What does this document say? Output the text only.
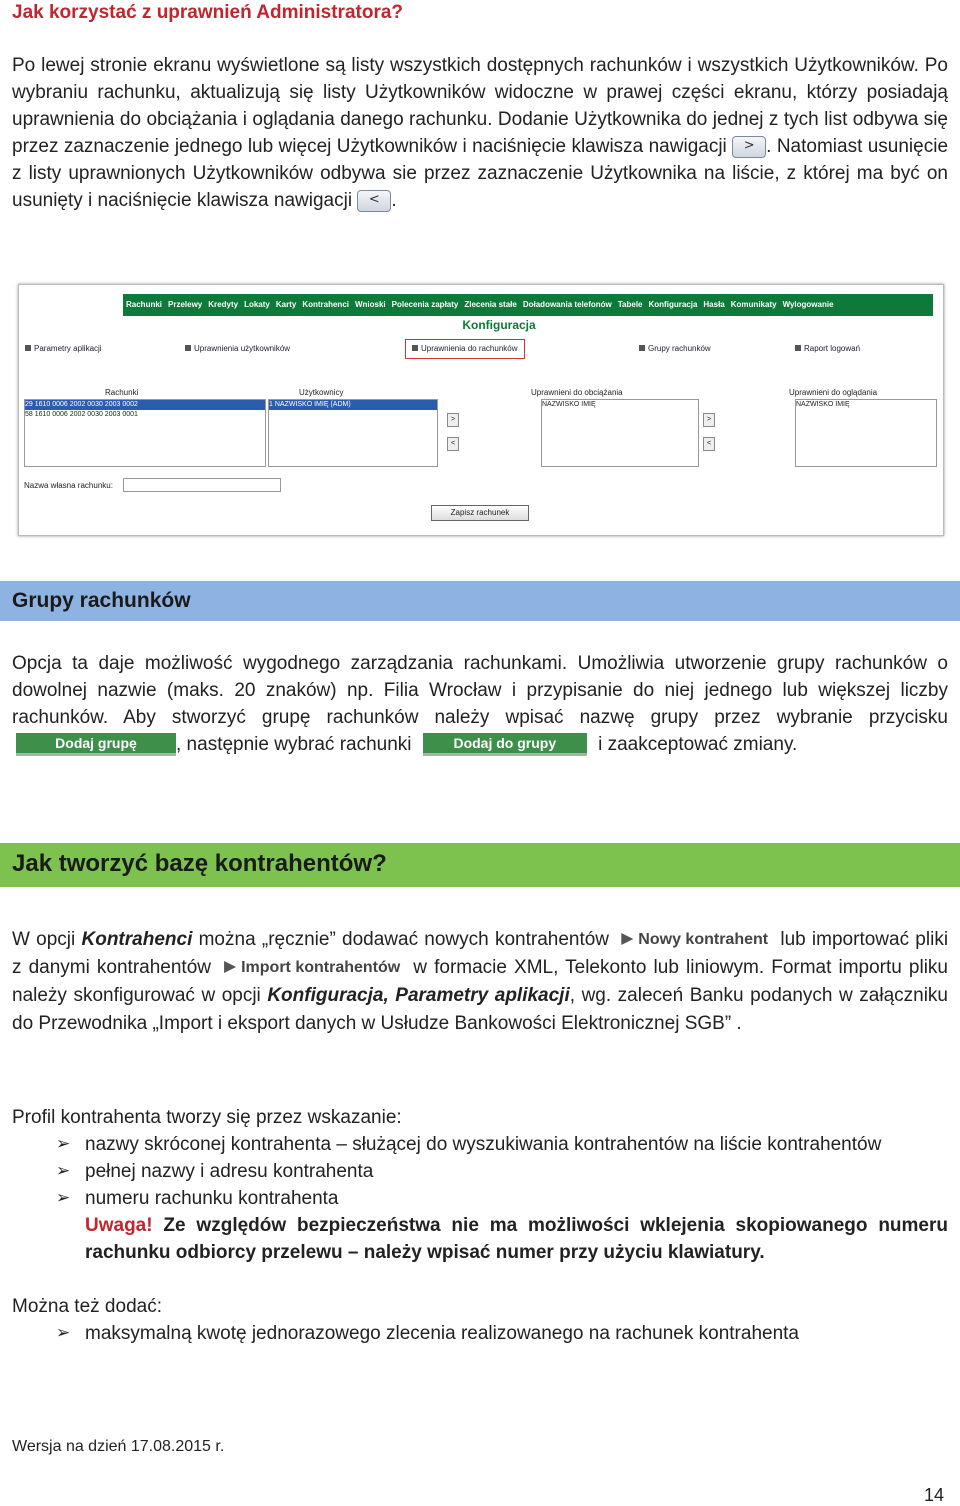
Jak korzystać z uprawnień Administratora?
Po lewej stronie ekranu wyświetlone są listy wszystkich dostępnych rachunków i wszystkich Użytkowników. Po wybraniu rachunku, aktualizują się listy Użytkowników widoczne w prawej części ekranu, którzy posiadają uprawnienia do obciążania i oglądania danego rachunku. Dodanie Użytkownika do jednej z tych list odbywa się przez zaznaczenie jednego lub więcej Użytkowników i naciśnięcie klawisza nawigacji > . Natomiast usunięcie z listy uprawnionych Użytkowników odbywa sie przez zaznaczenie Użytkownika na liście, z której ma być on usunięty i naciśnięcie klawisza nawigacji < .
Rachunki Przelewy Kredyty Lokaty Karty Kontrahenci Wnioski Polecenia zapłaty Zlecenia stałe Doładowania telefonów Tabele Konfiguracja Hasła Komunikaty Wylogowanie
Konfiguracja
Parametry aplikacji	Uprawnienia użytkowników	Uprawnienia do rachunków	Grupy rachunków	Raport logowań
Rachunki	Użytkownicy	Uprawnieni do obciążania	Uprawnieni do oglądania
29 1610 0006 2002 0030 2003 0002
58 1610 0006 2002 0030 2003 0001
1 NAZWISKO IMIĘ (ADM)
>
<
NAZWISKO IMIĘ
>
<
NAZWISKO IMIĘ
Nazwa własna rachunku:
Zapisz rachunek
Grupy rachunków
Opcja ta daje możliwość wygodnego zarządzania rachunkami. Umożliwia utworzenie grupy rachunków o dowolnej nazwie (maks. 20 znaków) np. Filia Wrocław i przypisanie do niej jednego lub większej liczby rachunków. Aby stworzyć grupę rachunków należy wpisać nazwę grupy przez wybranie przycisku Dodaj grupę , następnie wybrać rachunki	Dodaj do grupy i zaakceptować zmiany.
Jak tworzyć bazę kontrahentów?
W opcji Kontrahenci można „ręcznie” dodawać nowych kontrahentów Nowy kontrahent lub importować pliki z danymi kontrahentów Import kontrahentów w formacie XML, Telekonto lub liniowym. Format importu pliku należy skonfigurować w opcji Konfiguracja, Parametry aplikacji, wg. zaleceń Banku podanych w załączniku do Przewodnika „Import i eksport danych w Usłudze Bankowości Elektronicznej SGB” .
Profil kontrahenta tworzy się przez wskazanie:
➢ nazwy skróconej kontrahenta – służącej do wyszukiwania kontrahentów na liście kontrahentów
➢ pełnej nazwy i adresu kontrahenta
➢ numeru rachunku kontrahenta
Uwaga! Ze względów bezpieczeństwa nie ma możliwości wklejenia skopiowanego numeru rachunku odbiorcy przelewu – należy wpisać numer przy użyciu klawiatury.
Można też dodać:
➢ maksymalną kwotę jednorazowego zlecenia realizowanego na rachunek kontrahenta
Wersja na dzień 17.08.2015 r.
14
